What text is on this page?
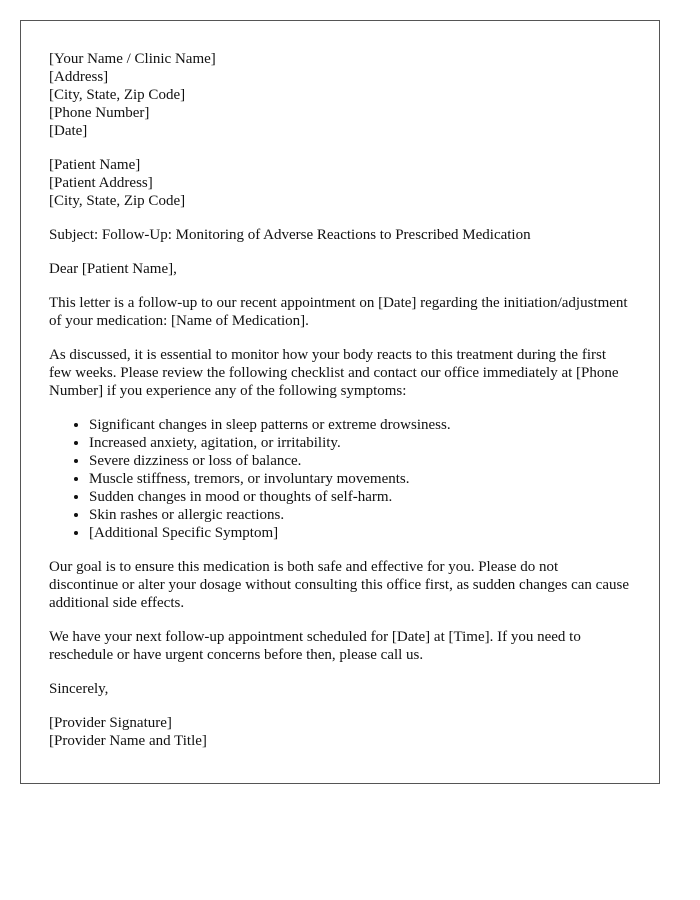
[Your Name / Clinic Name]
[Address]
[City, State, Zip Code]
[Phone Number]
[Date]
[Patient Name]
[Patient Address]
[City, State, Zip Code]

Subject: Follow-Up: Monitoring of Adverse Reactions to Prescribed Medication

Dear [Patient Name],

This letter is a follow-up to our recent appointment on [Date] regarding the initiation/adjustment of your medication: [Name of Medication].

As discussed, it is essential to monitor how your body reacts to this treatment during the first few weeks. Please review the following checklist and contact our office immediately at [Phone Number] if you experience any of the following symptoms:

• Significant changes in sleep patterns or extreme drowsiness.
• Increased anxiety, agitation, or irritability.
• Severe dizziness or loss of balance.
• Muscle stiffness, tremors, or involuntary movements.
• Sudden changes in mood or thoughts of self-harm.
• Skin rashes or allergic reactions.
• [Additional Specific Symptom]

Our goal is to ensure this medication is both safe and effective for you. Please do not discontinue or alter your dosage without consulting this office first, as sudden changes can cause additional side effects.

We have your next follow-up appointment scheduled for [Date] at [Time]. If you need to reschedule or have urgent concerns before then, please call us.

Sincerely,

[Provider Signature]
[Provider Name and Title]
